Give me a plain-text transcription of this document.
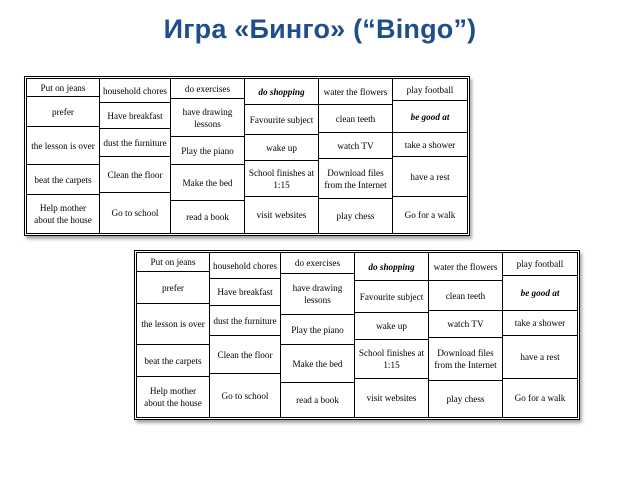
Игра «Бинго» (“Bingo”)
Put on jeans
prefer
the lesson is over
beat the carpets
Help mother about the house
household chores
Have breakfast
dust the furniture
Clean the floor
Go to school
do exercises
have drawing lessons
Play the piano
Make the bed
read a book
do shopping
Favourite subject
wake up
School finishes at 1:15
visit websites
water the flowers
clean teeth
watch TV
Download files from the Internet
play chess
play football
be good at
take a shower
have a rest
Go for a walk
Put on jeans
prefer
the lesson is over
beat the carpets
Help mother about the house
household chores
Have breakfast
dust the furniture
Clean the floor
Go to school
do exercises
have drawing lessons
Play the piano
Make the bed
read a book
do shopping
Favourite subject
wake up
School finishes at 1:15
visit websites
water the flowers
clean teeth
watch TV
Download files from the Internet
play chess
play football
be good at
take a shower
have a rest
Go for a walk
